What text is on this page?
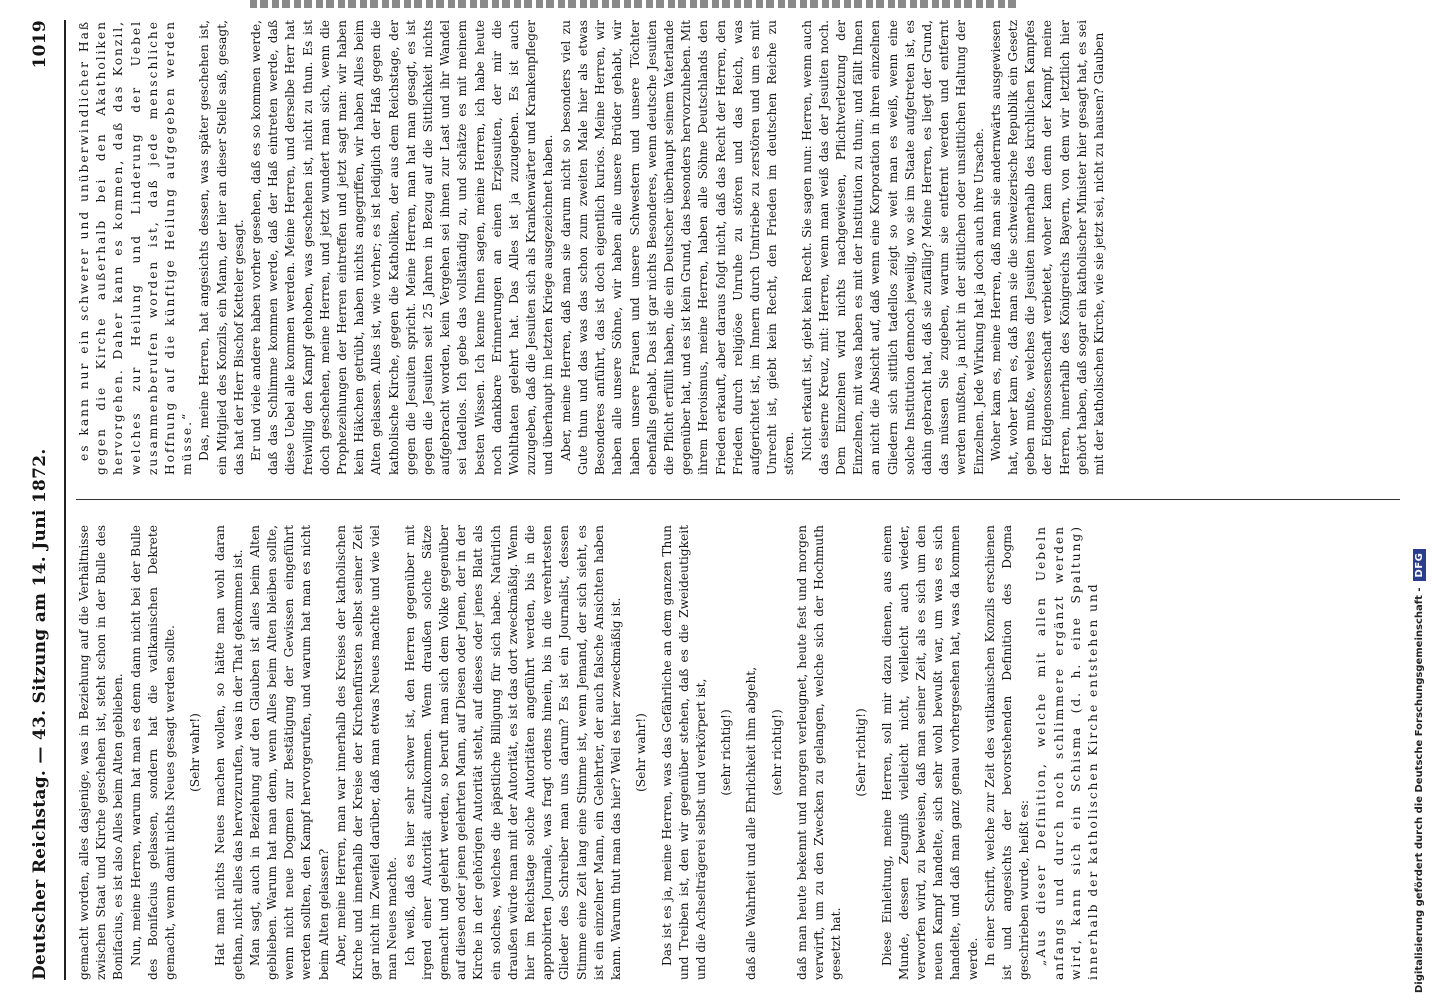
Deutscher Reichstag. — 43. Sitzung am 14. Juni 1872.
1019

gemacht worden, alles dasjenige, was in Beziehung auf die Verhältnisse zwischen Staat und Kirche geschehen ist, steht schon in der Bulle des Bonifacius, es ist also Alles beim Alten geblieben. Nun, meine Herren, warum hat man es denn dann nicht bei der Bulle des Bonifacius gelassen, sondern hat die vatikanischen Dekrete gemacht, wenn damit nichts Neues gesagt werden sollte. (Sehr wahr!) Hat man nichts Neues machen wollen, so hätte man wohl daran gethan, nicht alles das hervorzurufen, was in der That gekommen ist. Man sagt, auch in Beziehung auf den Glauben ist alles beim Alten geblieben. Warum hat man denn, wenn Alles beim Alten bleiben sollte, wenn nicht neue Dogmen zur Bestätigung der Gewissen eingeführt werden sollten, den Kampf hervorgerufen, und warum hat man es nicht beim Alten gelassen? Aber, meine Herren, man war innerhalb des Kreises der katholischen Kirche und innerhalb der Kreise der Kirchenfürsten selbst seiner Zeit gar nicht im Zweifel darüber, daß man etwas Neues machte und wie viel man Neues machte. Ich weiß, daß es hier sehr schwer ist, den Herren gegenüber mit irgend einer Autorität aufzukommen. Wenn draußen solche Sätze gemacht und gelehrt werden, so beruft man sich dem Volke gegenüber auf diesen oder jenen gelehrten Mann, auf Diesen oder Jenen, der in der Kirche in der gehörigen Autorität steht, auf dieses oder jenes Blatt als ein solches, welches die päpstliche Billigung für sich habe. Natürlich draußen würde man mit der Autorität, es ist das dort zweckmäßig. Wenn hier im Reichstage solche Autoritäten angeführt werden, bis in die approbirten Journale, was fragt ordens hinein, bis in die verehrtesten Glieder des Schreiber man uns darum? Es ist ein Journalist, dessen Stimme eine Zeit lang eine Stimme ist, wenn Jemand, der sich sieht, es ist ein einzelner Mann, ein Gelehrter, der auch falsche Ansichten haben kann. Warum thut man das hier? Weil es hier zweckmäßig ist. (Sehr wahr!) Das ist es ja, meine Herren, was das Gefährliche an dem ganzen Thun und Treiben ist, den wir gegenüber stehen, daß es die Zweideutigkeit und die Achselträgerei selbst und verkörpert ist, (sehr richtig!) daß alle Wahrheit und alle Ehrlichkeit ihm abgeht, (sehr richtig!) daß man heute bekennt und morgen verleugnet, heute fest und morgen verwirft, um zu den Zwecken zu gelangen, welche sich der Hochmuth gesetzt hat.

(Sehr richtig!) Diese Einleitung, meine Herren, soll mir dazu dienen, aus einem Munde, dessen Zeugniß vielleicht nicht, vielleicht auch wieder, verworfen wird, zu beweisen, daß man seiner Zeit, als es sich um den neuen Kampf handelte, sich sehr wohl bewußt war, um was es sich handelte, und daß man ganz genau vorhergesehen hat, was da kommen werde. In einer Schrift, welche zur Zeit des vatikanischen Konzils erschienen ist und angesichts der bevorstehenden Definition des Dogma geschrieben wurde, heißt es: „Aus dieser Definition, welche mit allen Uebeln anfangs und durch noch schlimmere ergänzt werden wird, kann sich ein Schisma (d. h. eine Spaltung) innerhalb der katholischen Kirche entstehen und

es kann nur ein schwerer und unüberwindlicher Haß gegen die Kirche außerhalb bei den Akatholiken hervorgehen. Daher kann es kommen, daß das Konzil, welches zur Heilung und Linderung der Uebel zusammenberufen worden ist, daß jede menschliche Hoffnung auf die künftige Heilung aufgegeben werden müsse.“ Das, meine Herren, hat angesichts dessen, was später geschehen ist, ein Mitglied des Konzils, ein Mann, der hier an dieser Stelle saß, gesagt, das hat der Herr Bischof Ketteler gesagt. Er und viele andere haben vorher gesehen, daß es so kommen werde, daß das Schlimme kommen werde, daß der Haß eintreten werde, daß diese Uebel alle kommen werden. Meine Herren, und derselbe Herr hat freiwillig den Kampf gehoben, was geschehen ist, nicht zu thun. Es ist doch geschehen, meine Herren, und jetzt wundert man sich, wenn die Prophezeihungen der Herren eintreffen und jetzt sagt man: wir haben kein Häkchen getrübt, haben nichts angegriffen, wir haben Alles beim Alten gelassen. Alles ist, wie vorher; es ist lediglich der Haß gegen die katholische Kirche, gegen die Katholiken, der aus dem Reichstage, der gegen die Jesuiten spricht. Meine Herren, man hat man gesagt, es ist gegen die Jesuiten seit 25 Jahren in Bezug auf die Sittlichkeit nichts aufgebracht worden, kein Vergehen sei ihnen zur Last und ihr Wandel sei tadellos. Ich gebe das vollständig zu, und schätze es mit meinem besten Wissen. Ich kenne Ihnen sagen, meine Herren, ich habe heute noch dankbare Erinnerungen an einen Erzjesuiten, der mir die Wohlthaten gelehrt hat. Das Alles ist ja zuzugeben. Es ist auch zuzugeben, daß die Jesuiten sich als Krankenwärter und Krankenpfleger und überhaupt im letzten Kriege ausgezeichnet haben. Aber, meine Herren, daß man sie darum nicht so besonders viel zu Gute thun und das was das schon zum zweiten Male hier als etwas Besonderes anführt, das ist doch eigentlich kurios. Meine Herren, wir haben alle unsere Söhne, wir haben alle unsere Brüder gehabt, wir haben unsere Frauen und unsere Schwestern und unsere Töchter ebenfalls gehabt. Das ist gar nichts Besonderes, wenn deutsche Jesuiten die Pflicht erfüllt haben, die ein Deutscher überhaupt seinem Vaterlande gegenüber hat, und es ist kein Grund, das besonders hervorzuheben. Mit ihrem Heroismus, meine Herren, haben alle Söhne Deutschlands den Frieden erkauft, aber daraus folgt nicht, daß das Recht der Herren, den Frieden durch religiöse Unruhe zu stören und das Reich, was aufgerichtet ist, im Innern durch Umtriebe zu zerstören und um es mit Unrecht ist, giebt kein Recht, den Frieden im deutschen Reiche zu stören. Nicht erkauft ist, giebt kein Recht. Sie sagen nun: Herren, wenn auch das eiserne Kreuz, mit: Herren, wenn man weiß das der Jesuiten noch. Dem Einzelnen wird nichts nachgewiesen, Pflichtverletzung der Einzelnen, mit was haben es mit der Institution zu thun; und fällt Ihnen an nicht die Absicht auf, daß wenn eine Korporation in ihren einzelnen Gliedern sich sittlich tadellos zeigt so weit man es weiß, wenn eine solche Institution dennoch jeweilig, wo sie im Staate aufgetreten ist, es dahin gebracht hat, daß sie zufällig? Meine Herren, es liegt der Grund, das müssen Sie zugeben, warum sie entfernt werden und entfernt werden mußten, ja nicht in der sittlichen oder unsittlichen Haltung der Einzelnen. Jede Wirkung hat ja doch auch ihre Ursache. Woher kam es, meine Herren, daß man sie andernwärts ausgewiesen hat, woher kam es, daß man sie die schweizerische Republik ein Gesetz geben mußte, welches die Jesuiten innerhalb des kirchlichen Kampfes der Eidgenossenschaft verbietet, woher kam denn der Kampf, meine Herren, innerhalb des Königreichs Bayern, von dem wir letztlich hier gehört haben, daß sogar ein katholischer Minister hier gesagt hat, es sei mit der katholischen Kirche, wie sie jetzt sei, nicht zu hausen? Glauben

Digitalisierung gefördert durch die Deutsche Forschungsgemeinschaft -
DFG
